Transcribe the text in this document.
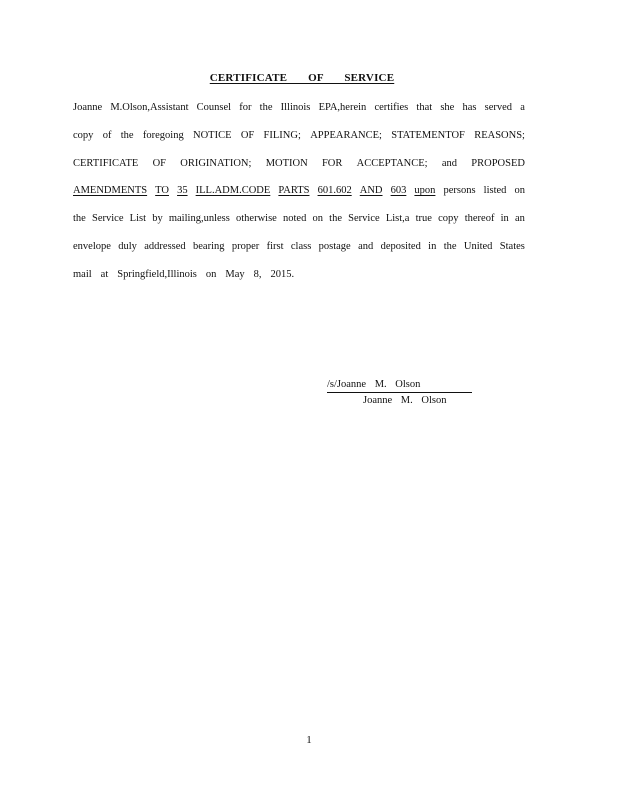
CERTIFICATE OF SERVICE
Joanne M.Olson,Assistant Counsel for the Illinois EPA,herein certifies that she has served a
copy of the foregoing NOTICE OF FILING; APPEARANCE; STATEMENTOF REASONS;
CERTIFICATE OF ORIGINATION; MOTION FOR ACCEPTANCE; and PROPOSED
AMENDMENTS TO 35 ILL.ADM.CODE PARTS 601.602 AND 603 upon persons listed on
the Service List by mailing,unless otherwise noted on the Service List,a true copy thereof in an
envelope duly addressed bearing proper first class postage and deposited in the United States
mail at Springfield,Illinois on May 8, 2015.
/s/Joanne M. Olson
Joanne M. Olson
1
